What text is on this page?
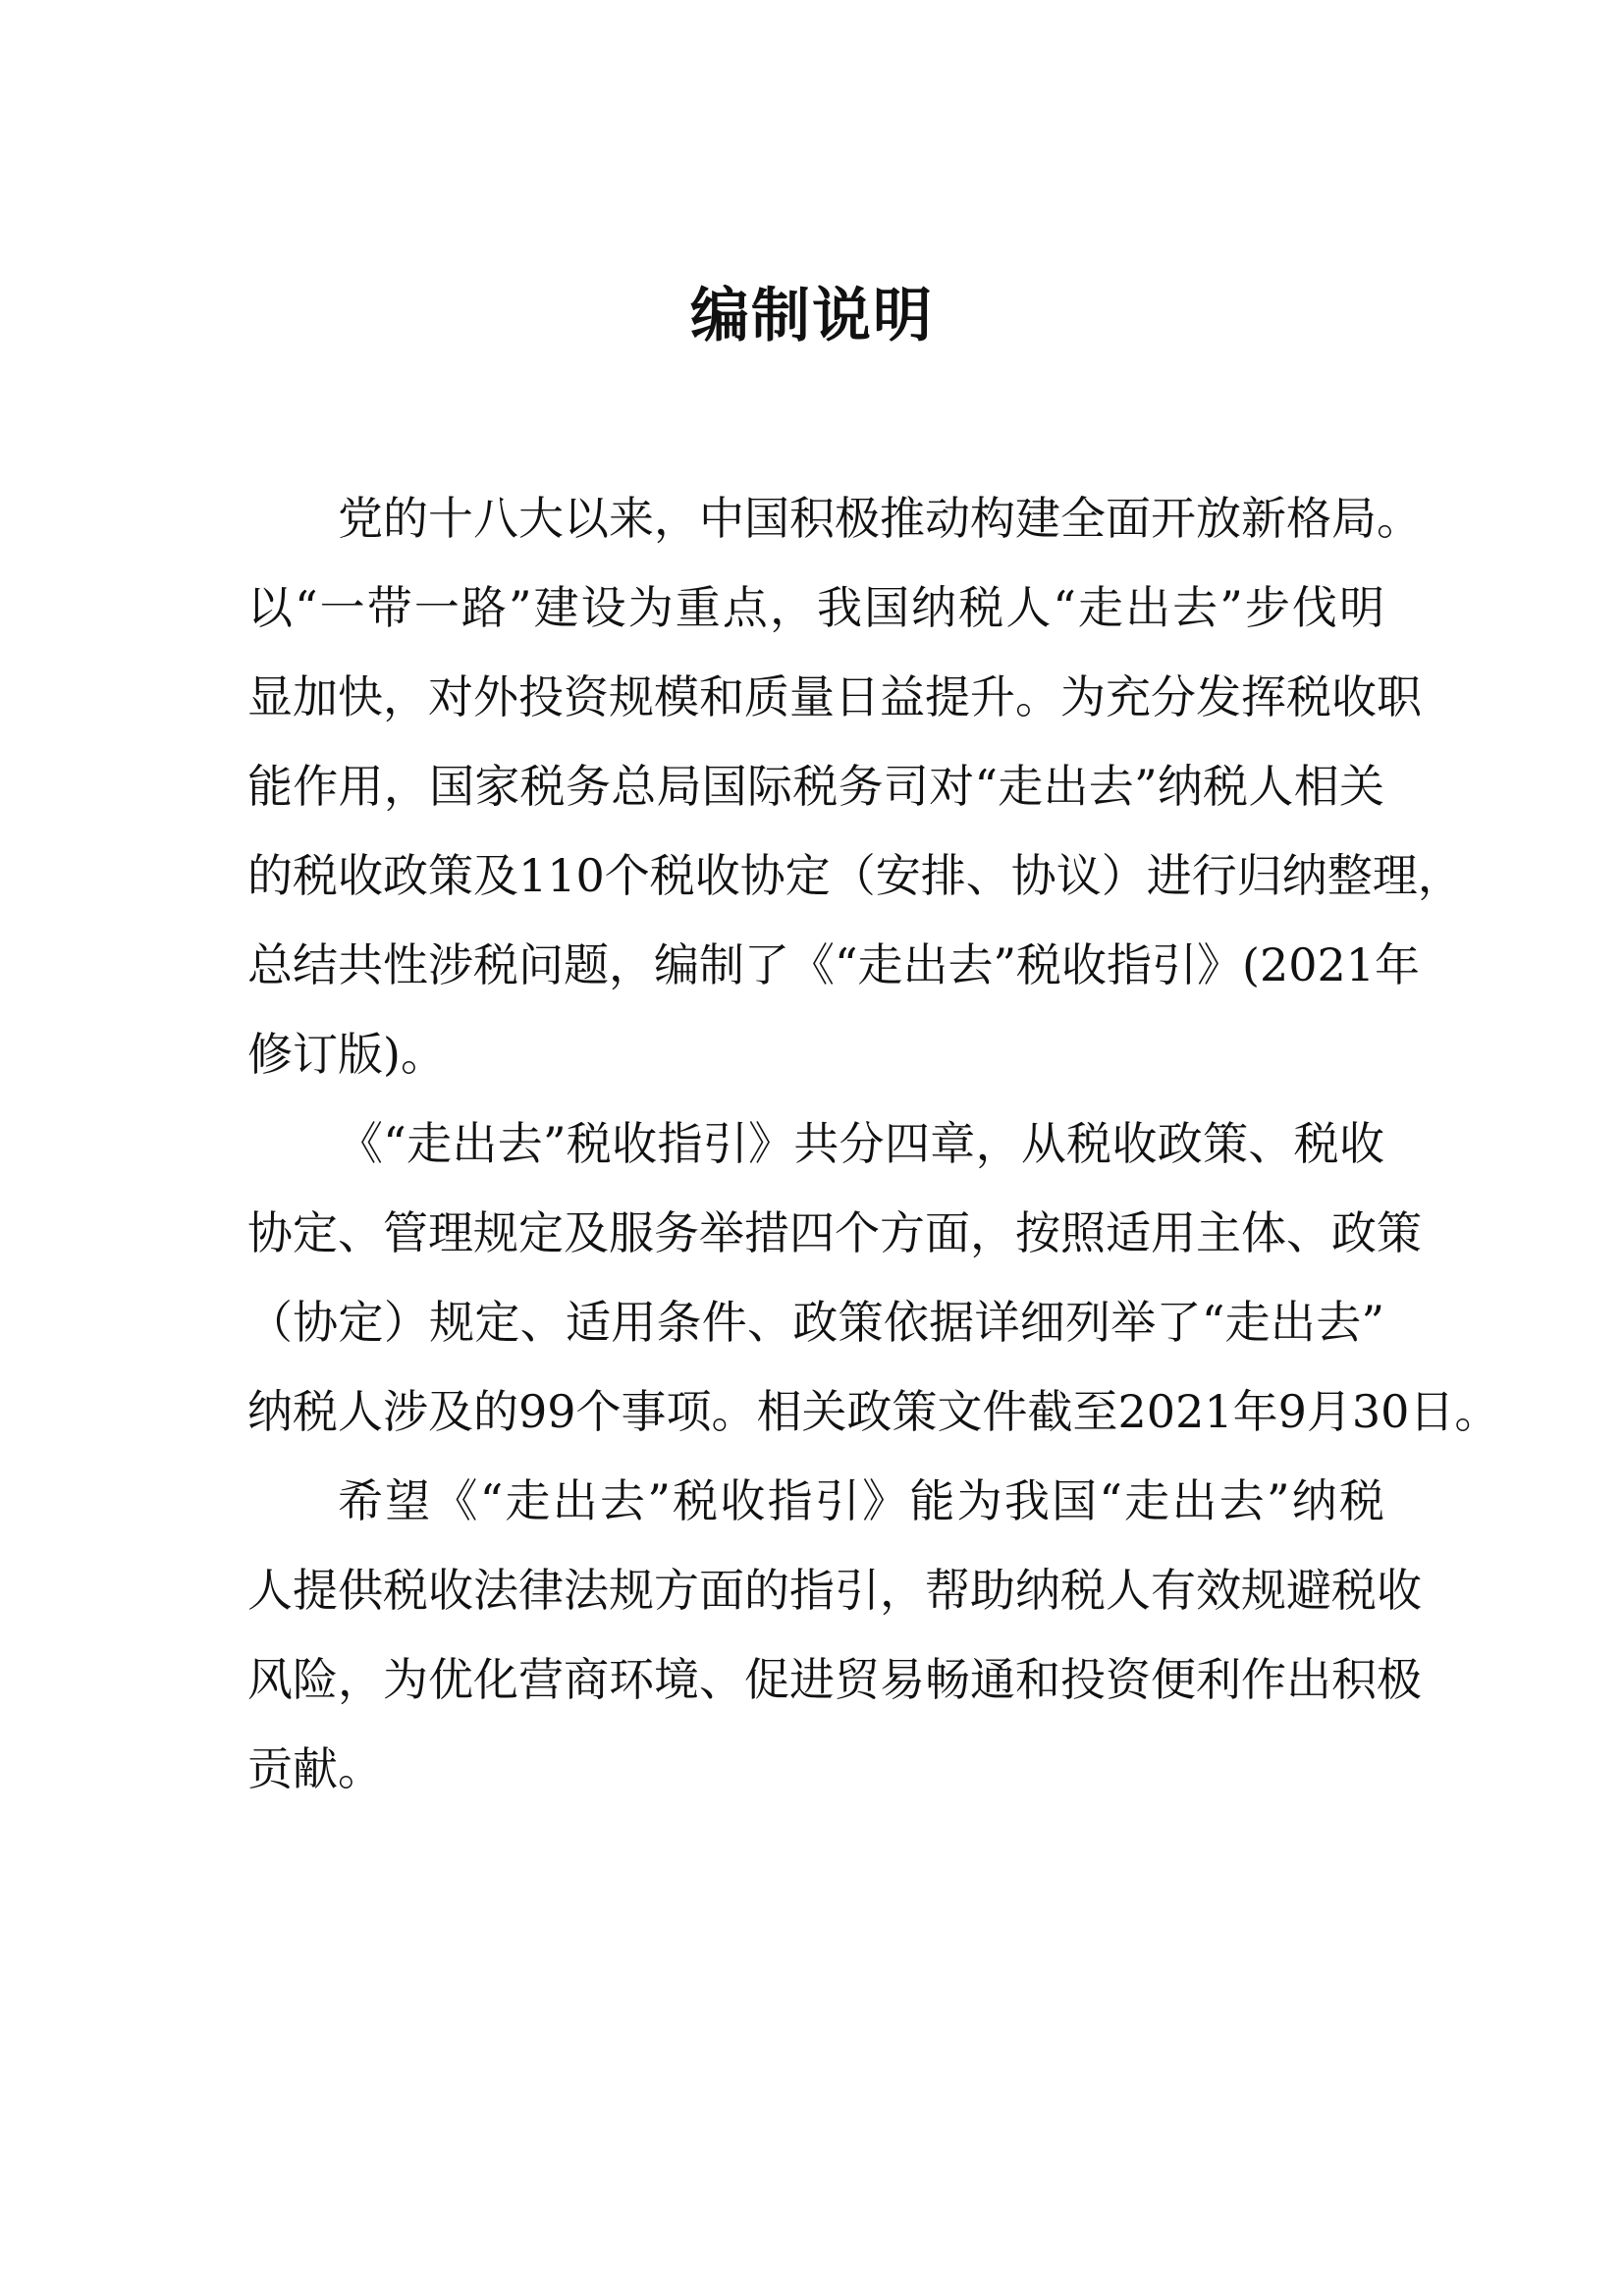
编制说明
党的十八大以来，中国积极推动构建全面开放新格局。
以“一带一路”建设为重点，我国纳税人“走出去”步伐明
显加快，对外投资规模和质量日益提升。为充分发挥税收职
能作用，国家税务总局国际税务司对“走出去”纳税人相关
的税收政策及110个税收协定（安排、协议）进行归纳整理，
总结共性涉税问题，编制了《“走出去”税收指引》(2021年
修订版)。
《“走出去”税收指引》共分四章，从税收政策、税收
协定、管理规定及服务举措四个方面，按照适用主体、政策
（协定）规定、适用条件、政策依据详细列举了“走出去”
纳税人涉及的99个事项。相关政策文件截至2021年9月30日。
希望《“走出去”税收指引》能为我国“走出去”纳税
人提供税收法律法规方面的指引，帮助纳税人有效规避税收
风险，为优化营商环境、促进贸易畅通和投资便利作出积极
贡献。
